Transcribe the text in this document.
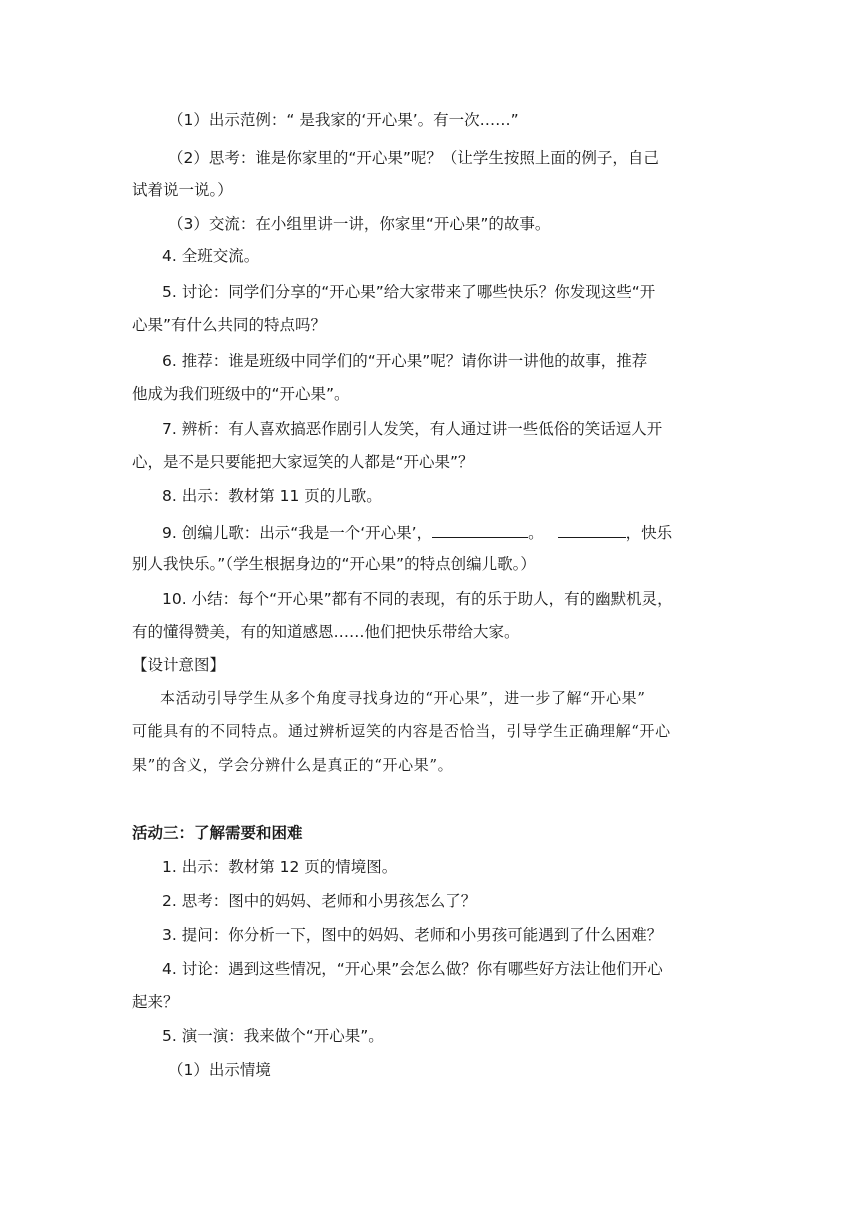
（1）出示范例：“ 是我家的‘开心果’。有一次……”
（2）思考：谁是你家里的“开心果”呢？（让学生按照上面的例子，自己
试着说一说。）
（3）交流：在小组里讲一讲，你家里“开心果”的故事。
4. 全班交流。
5. 讨论：同学们分享的“开心果”给大家带来了哪些快乐？你发现这些“开
心果”有什么共同的特点吗？
6. 推荐：谁是班级中同学们的“开心果”呢？请你讲一讲他的故事，推荐
他成为我们班级中的“开心果”。
7. 辨析：有人喜欢搞恶作剧引人发笑，有人通过讲一些低俗的笑话逗人开
心，是不是只要能把大家逗笑的人都是“开心果”？
8. 出示：教材第 11 页的儿歌。
9. 创编儿歌：出示“我是一个‘开心果’，	。	，快乐
别人我快乐。”（学生根据身边的“开心果”的特点创编儿歌。）
10. 小结：每个“开心果”都有不同的表现，有的乐于助人，有的幽默机灵，
有的懂得赞美，有的知道感恩……他们把快乐带给大家。
【设计意图】
本活动引导学生从多个角度寻找身边的“开心果”，进一步了解“开心果”
可能具有的不同特点。通过辨析逗笑的内容是否恰当，引导学生正确理解“开心
果”的含义，学会分辨什么是真正的“开心果”。
活动三：了解需要和困难
1. 出示：教材第 12 页的情境图。
2. 思考：图中的妈妈、老师和小男孩怎么了？
3. 提问：你分析一下，图中的妈妈、老师和小男孩可能遇到了什么困难？
4. 讨论：遇到这些情况，“开心果”会怎么做？你有哪些好方法让他们开心
起来？
5. 演一演：我来做个“开心果”。
（1）出示情境
